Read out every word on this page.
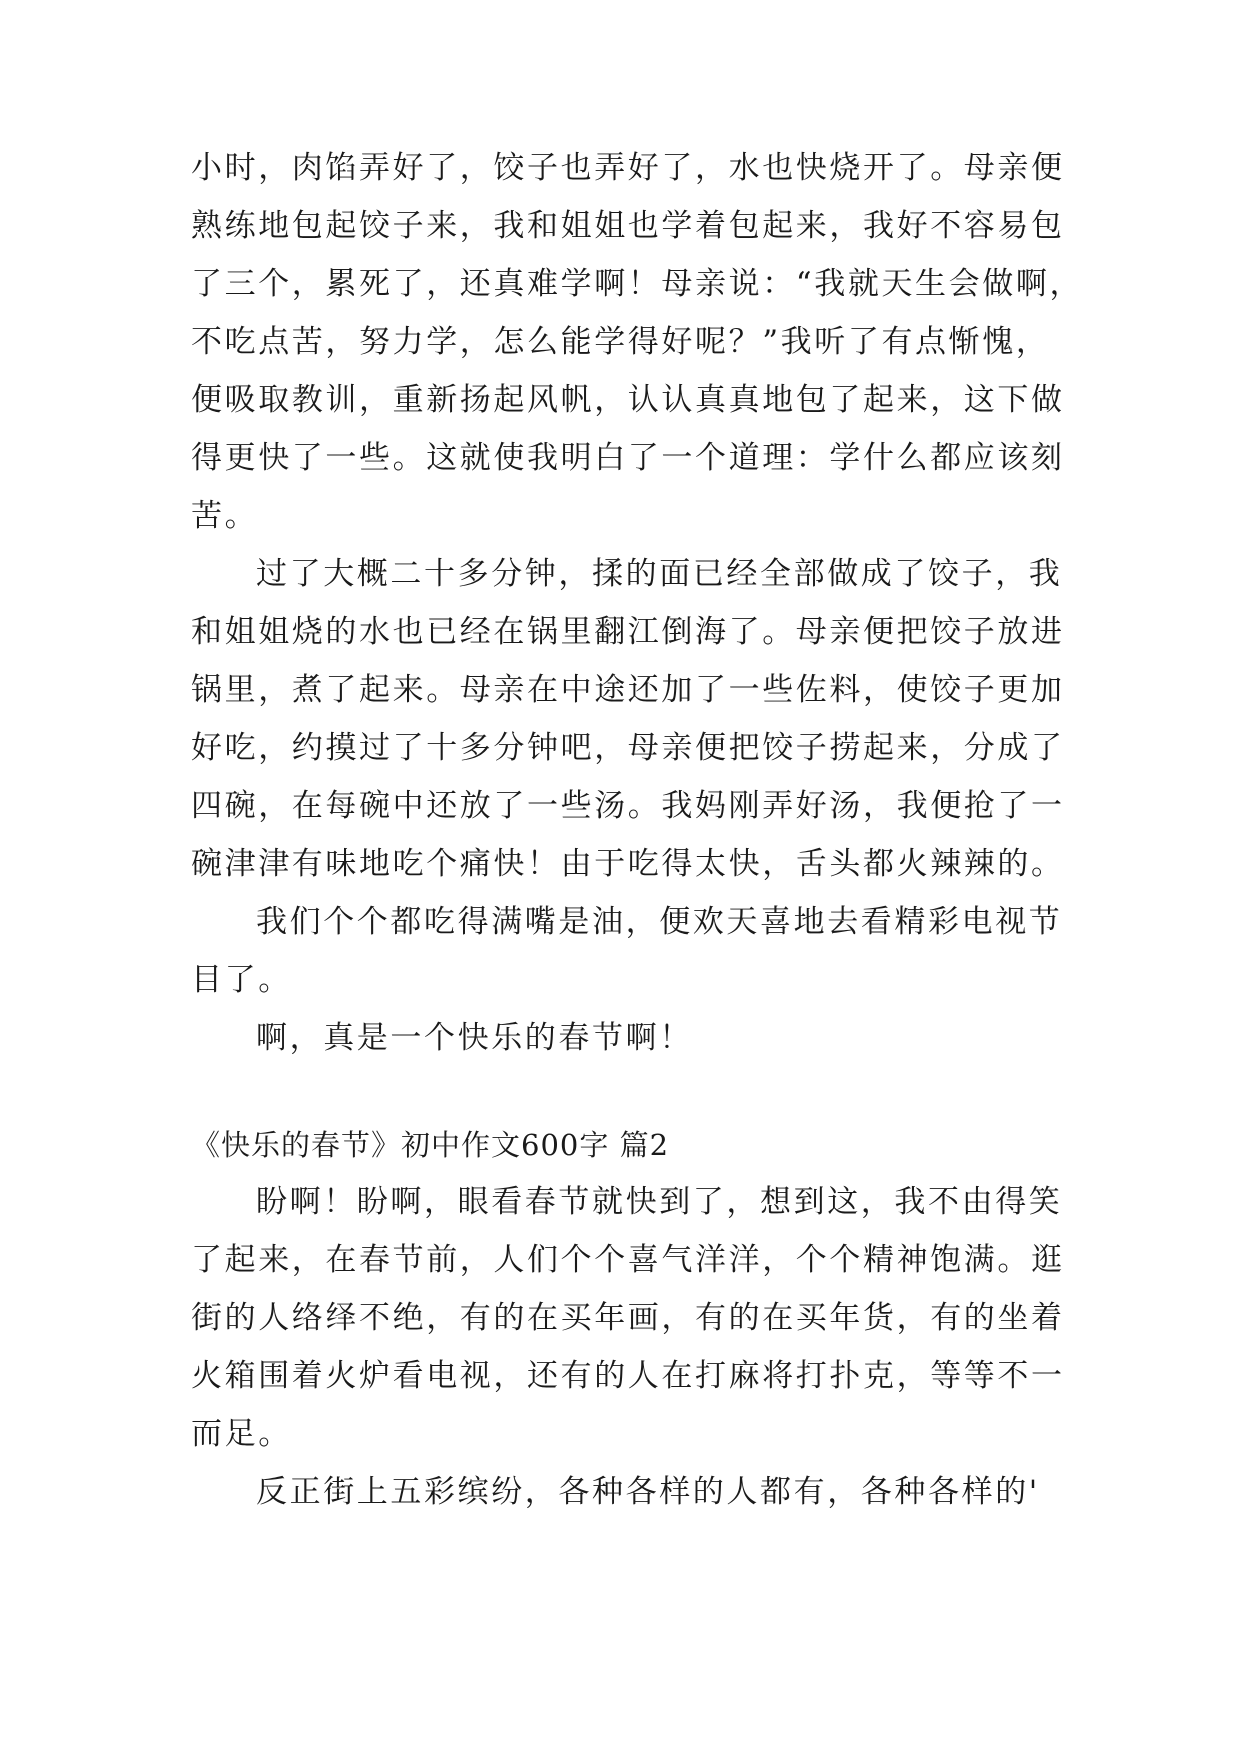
小时，肉馅弄好了，饺子也弄好了，水也快烧开了。母亲便
熟练地包起饺子来，我和姐姐也学着包起来，我好不容易包
了三个，累死了，还真难学啊！母亲说：“我就天生会做啊，
不吃点苦，努力学，怎么能学得好呢？”我听了有点惭愧，
便吸取教训，重新扬起风帆，认认真真地包了起来，这下做
得更快了一些。这就使我明白了一个道理：学什么都应该刻
苦。
过了大概二十多分钟，揉的面已经全部做成了饺子，我
和姐姐烧的水也已经在锅里翻江倒海了。母亲便把饺子放进
锅里，煮了起来。母亲在中途还加了一些佐料，使饺子更加
好吃，约摸过了十多分钟吧，母亲便把饺子捞起来，分成了
四碗，在每碗中还放了一些汤。我妈刚弄好汤，我便抢了一
碗津津有味地吃个痛快！由于吃得太快，舌头都火辣辣的。
我们个个都吃得满嘴是油，便欢天喜地去看精彩电视节
目了。
啊，真是一个快乐的春节啊！
《快乐的春节》初中作文600字 篇2
盼啊！盼啊，眼看春节就快到了，想到这，我不由得笑
了起来，在春节前，人们个个喜气洋洋，个个精神饱满。逛
街的人络绎不绝，有的在买年画，有的在买年货，有的坐着
火箱围着火炉看电视，还有的人在打麻将打扑克，等等不一
而足。
反正街上五彩缤纷，各种各样的人都有，各种各样的'
